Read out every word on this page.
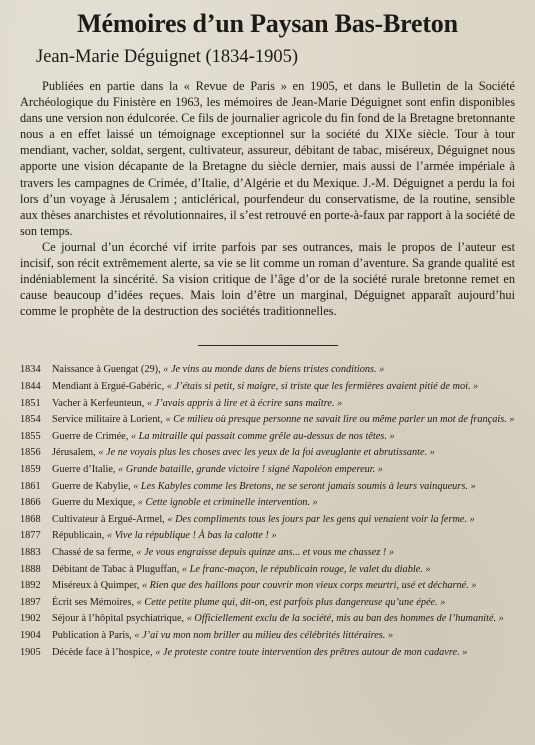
Mémoires d’un Paysan Bas-Breton
Jean-Marie Déguignet (1834-1905)

Publiées en partie dans la « Revue de Paris » en 1905, et dans le Bulletin de la Société Archéologique du Finistère en 1963, les mémoires de Jean-Marie Déguignet sont enfin disponibles dans une version non édulcorée. Ce fils de journalier agricole du fin fond de la Bretagne bretonnante nous a en effet laissé un témoignage exceptionnel sur la société du XIXe siècle. Tour à tour mendiant, vacher, soldat, sergent, cultivateur, assureur, débitant de tabac, miséreux, Déguignet nous apporte une vision décapante de la Bretagne du siècle dernier, mais aussi de l’armée impériale à travers les campagnes de Crimée, d’Italie, d’Algérie et du Mexique. J.-M. Déguignet a perdu la foi lors d’un voyage à Jérusalem ; anticlérical, pourfendeur du conservatisme, de la routine, sensible aux thèses anarchistes et révolutionnaires, il s’est retrouvé en porte-à-faux par rapport à la société de son temps.

Ce journal d’un écorché vif irrite parfois par ses outrances, mais le propos de l’auteur est incisif, son récit extrêmement alerte, sa vie se lit comme un roman d’aventure. Sa grande qualité est indéniablement la sincérité. Sa vision critique de l’âge d’or de la société rurale bretonne remet en cause beaucoup d’idées reçues. Mais loin d’être un marginal, Déguignet apparaît aujourd’hui comme le prophète de la destruction des sociétés traditionnelles.

1834	Naissance à Guengat (29), « Je vins au monde dans de biens tristes conditions. »
1844	Mendiant à Ergué-Gabéric, « J’étais si petit, si maigre, si triste que les fermières avaient pitié de moi. »
1851	Vacher à Kerfeunteun, « J’avais appris à lire et à écrire sans maître. »
1854	Service militaire à Lorient, « Ce milieu où presque personne ne savait lire ou même parler un mot de français. »
1855	Guerre de Crimée, « La mitraille qui passait comme grêle au-dessus de nos têtes. »
1856	Jérusalem, « Je ne voyais plus les choses avec les yeux de la foi aveuglante et abrutissante. »
1859	Guerre d’Italie, « Grande bataille, grande victoire ! signé Napoléon empereur. »
1861	Guerre de Kabylie, « Les Kabyles comme les Bretons, ne se seront jamais soumis à leurs vainqueurs. »
1866	Guerre du Mexique, « Cette ignoble et criminelle intervention. »
1868	Cultivateur à Ergué-Armel, « Des compliments tous les jours par les gens qui venaient voir la ferme. »
1877	Républicain, « Vive la république ! À bas la calotte ! »
1883	Chassé de sa ferme, « Je vous engraisse depuis quinze ans... et vous me chassez ! »
1888	Débitant de Tabac à Pluguffan, « Le franc-maçon, le républicain rouge, le valet du diable. »
1892	Miséreux à Quimper, « Rien que des haillons pour couvrir mon vieux corps meurtri, usé et décharné. »
1897	Écrit ses Mémoires, « Cette petite plume qui, dit-on, est parfois plus dangereuse qu’une épée. »
1902	Séjour à l’hôpital psychiatrique, « Officiellement exclu de la société, mis au ban des hommes de l’humanité. »
1904	Publication à Paris, « J’ai vu mon nom briller au milieu des célébrités littéraires. »
1905	Décède face à l’hospice, « Je proteste contre toute intervention des prêtres autour de mon cadavre. »
